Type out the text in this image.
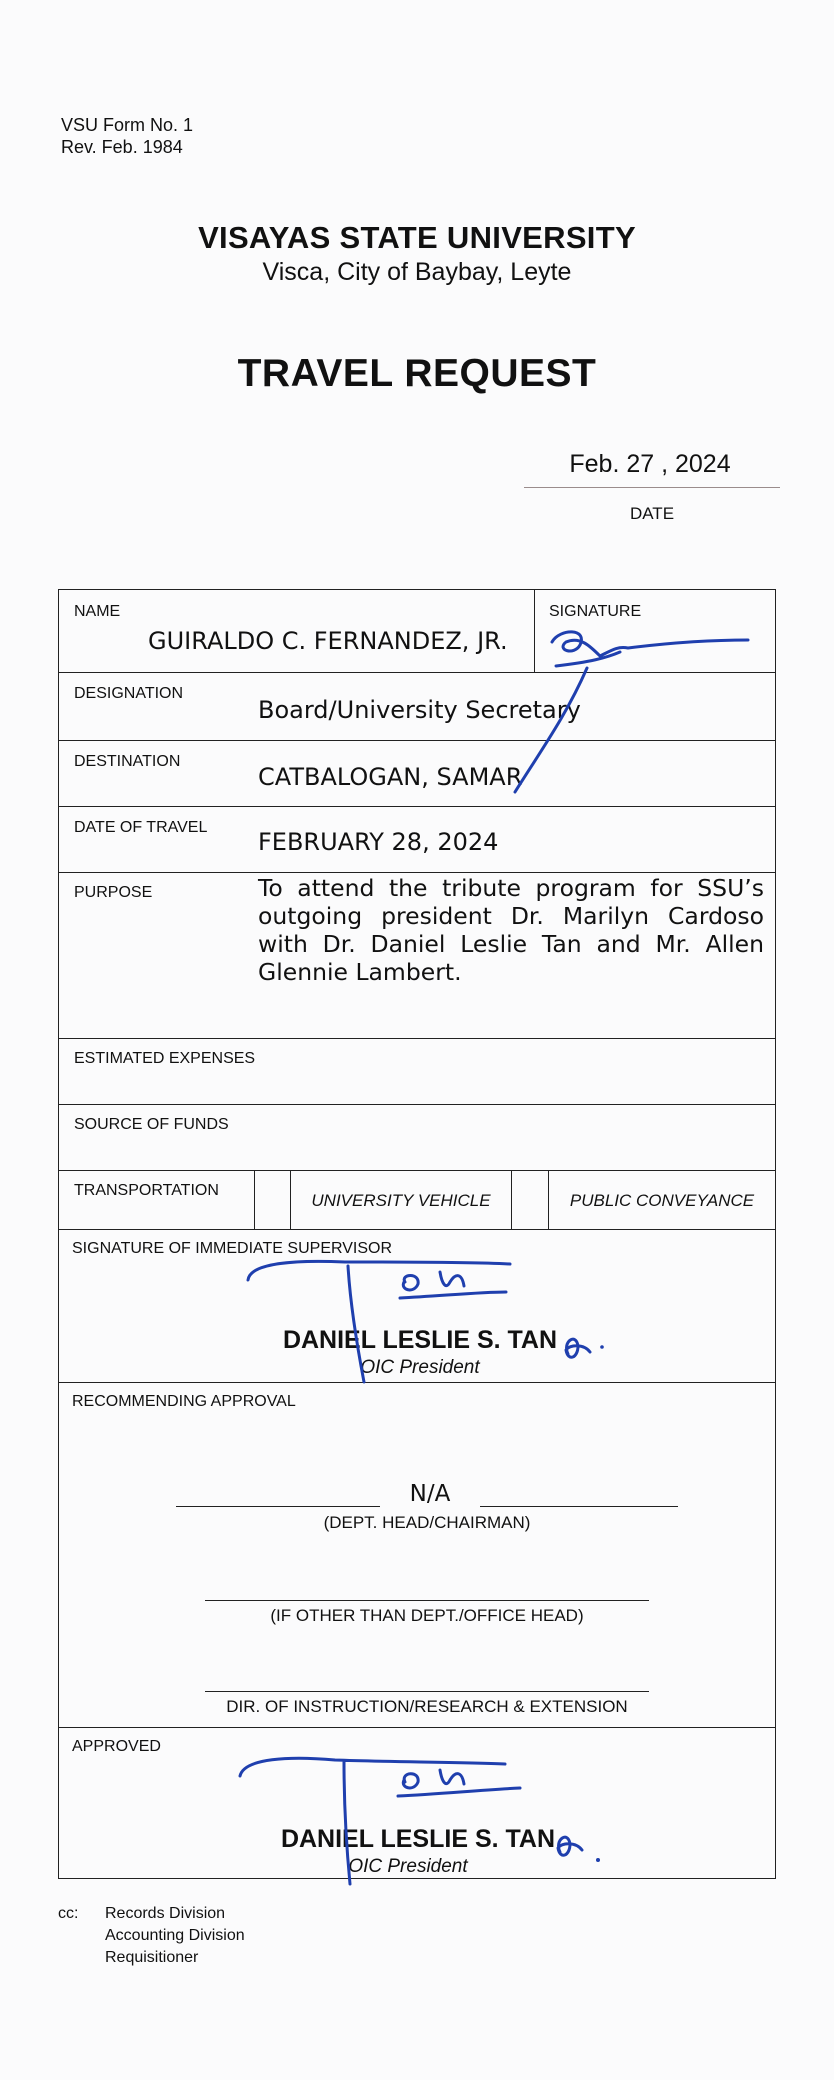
VSU Form No. 1
Rev. Feb. 1984
VISAYAS STATE UNIVERSITY
Visca, City of Baybay, Leyte
TRAVEL REQUEST
Feb. 27 , 2024
DATE
NAME
GUIRALDO C. FERNANDEZ, JR.
SIGNATURE
DESIGNATION
Board/University Secretary
DESTINATION
CATBALOGAN, SAMAR
DATE OF TRAVEL
FEBRUARY 28, 2024
PURPOSE	To attend the tribute program for SSU’s outgoing president Dr. Marilyn Cardoso with Dr. Daniel Leslie Tan and Mr. Allen Glennie Lambert.
ESTIMATED EXPENSES
SOURCE OF FUNDS
TRANSPORTATION
UNIVERSITY VEHICLE	PUBLIC CONVEYANCE
SIGNATURE OF IMMEDIATE SUPERVISOR
DANIEL LESLIE S. TAN
OIC President
RECOMMENDING APPROVAL
N/A
(DEPT. HEAD/CHAIRMAN)
(IF OTHER THAN DEPT./OFFICE HEAD)
DIR. OF INSTRUCTION/RESEARCH & EXTENSION
APPROVED
DANIEL LESLIE S. TAN
OIC President
cc: Records Division
Accounting Division
Requisitioner
